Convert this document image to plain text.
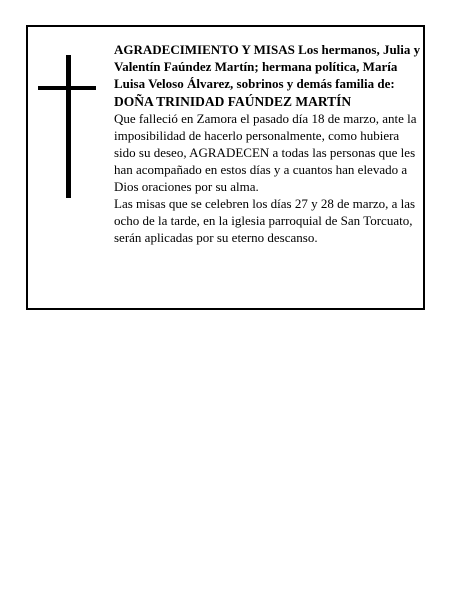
AGRADECIMIENTO Y MISAS Los hermanos, Julia y Valentín Faúndez Martín; hermana política, María Luisa Veloso Álvarez, sobrinos y demás familia de:

DOÑA TRINIDAD FAÚNDEZ MARTÍN

Que falleció en Zamora el pasado día 18 de marzo, ante la imposibilidad de hacerlo personalmente, como hubiera sido su deseo, AGRADECEN a todas las personas que les han acompañado en estos días y a cuantos han elevado a Dios oraciones por su alma.

Las misas que se celebren los días 27 y 28 de marzo, a las ocho de la tarde, en la iglesia parroquial de San Torcuato, serán aplicadas por su eterno descanso.
